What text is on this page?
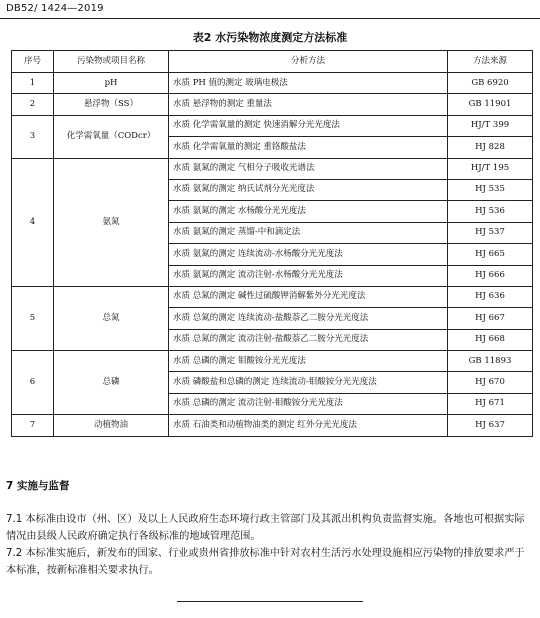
DB52/ 1424—2019
表2 水污染物浓度测定方法标准
序号	污染物或项目名称	分析方法	方法来源
1	pH	水质 PH 值的测定 玻璃电极法	GB 6920
2	悬浮物（SS）	水质 悬浮物的测定 重量法	GB 11901
3	化学需氧量（CODcr）	水质 化学需氧量的测定 快速消解分光光度法	HJ/T 399
		水质 化学需氧量的测定 重铬酸盐法	HJ 828
4	氨氮	水质 氨氮的测定 气相分子吸收光谱法	HJ/T 195
		水质 氨氮的测定 纳氏试剂分光光度法	HJ 535
		水质 氨氮的测定 水杨酸分光光度法	HJ 536
		水质 氨氮的测定 蒸馏-中和滴定法	HJ 537
		水质 氨氮的测定 连续流动-水杨酸分光光度法	HJ 665
		水质 氨氮的测定 流动注射-水杨酸分光光度法	HJ 666
5	总氮	水质 总氮的测定 碱性过硫酸钾消解紫外分光光度法	HJ 636
		水质 总氮的测定 连续流动-盐酸萘乙二胺分光光度法	HJ 667
		水质 总氮的测定 流动注射-盐酸萘乙二胺分光光度法	HJ 668
6	总磷	水质 总磷的测定 钼酸铵分光光度法	GB 11893
		水质 磷酸盐和总磷的测定 连续流动-钼酸铵分光光度法	HJ 670
		水质 总磷的测定 流动注射-钼酸铵分光光度法	HJ 671
7	动植物油	水质 石油类和动植物油类的测定 红外分光光度法	HJ 637
7 实施与监督
7.1 本标准由设市（州、区）及以上人民政府生态环境行政主管部门及其派出机构负责监督实施。各地也可根据实际情况由县级人民政府确定执行各级标准的地域管理范围。
7.2 本标准实施后，新发布的国家、行业或贵州省排放标准中针对农村生活污水处理设施相应污染物的排放要求严于本标准，按新标准相关要求执行。
